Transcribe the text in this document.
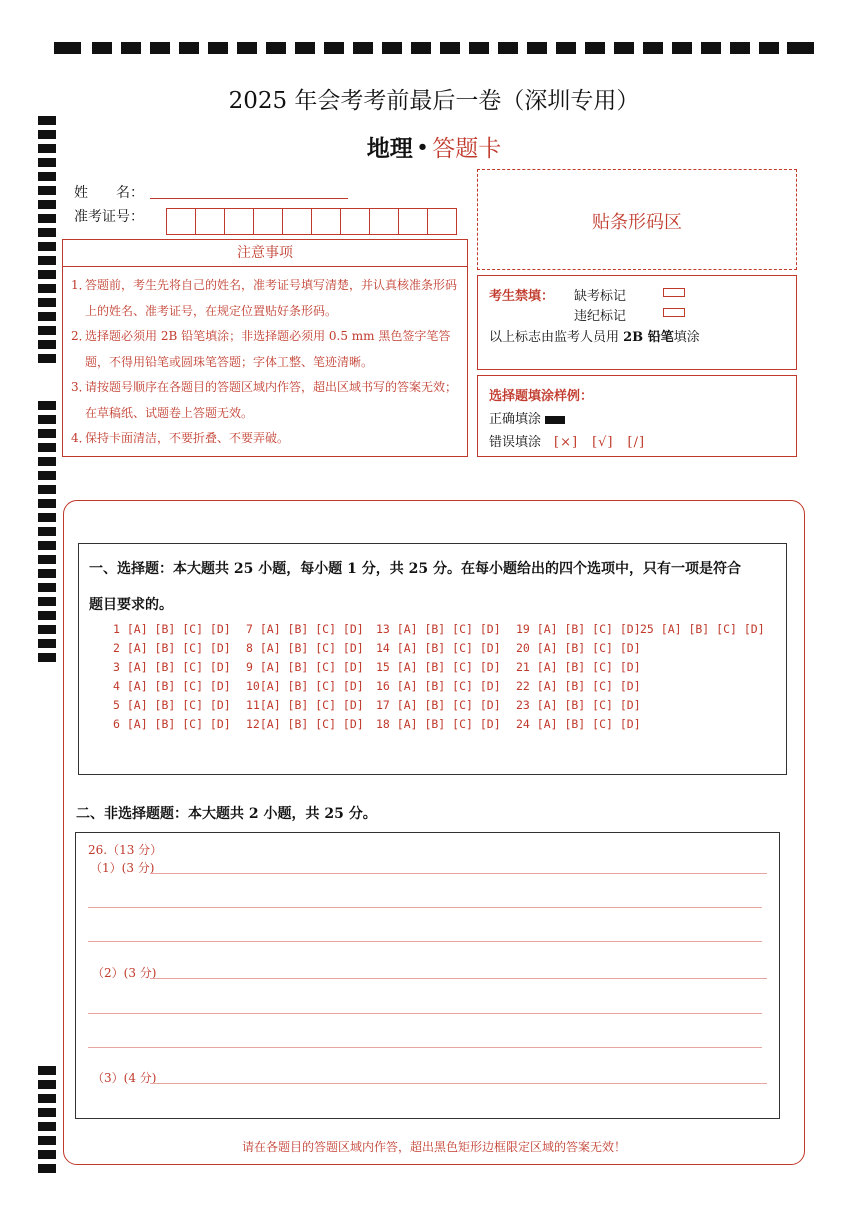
2025 年会考考前最后一卷（深圳专用）
地理 • 答题卡
姓　　名：
准考证号：	贴条形码区
注意事项
1．
答题前，考生先将自己的姓名，准考证号填写清楚，并认真核准条形码上的姓名、准考证号，在规定位置贴好条形码。
2．
选择题必须用 2B 铅笔填涂；非选择题必须用 0.5 mm 黑色签字笔答题，不得用铅笔或圆珠笔答题；字体工整、笔迹清晰。
3．
请按题号顺序在各题目的答题区域内作答，超出区域书写的答案无效；在草稿纸、试题卷上答题无效。
4．
保持卡面清洁，不要折叠、不要弄破。
考生禁填： 缺考标记
违纪标记
以上标志由监考人员用 2B 铅笔填涂
选择题填涂样例：
正确填涂
错误填涂　 [×]　[√]　[/]
一、选择题：本大题共 25 小题，每小题 1 分，共 25 分。在每小题给出的四个选项中，只有一项是符合
题目要求的。
1 [A] [B] [C] [D]
2 [A] [B] [C] [D]
3 [A] [B] [C] [D]
4 [A] [B] [C] [D]
5 [A] [B] [C] [D]
6 [A] [B] [C] [D]
7 [A] [B] [C] [D]
8 [A] [B] [C] [D]
9 [A] [B] [C] [D]
10[A] [B] [C] [D]
11[A] [B] [C] [D]
12[A] [B] [C] [D]
13 [A] [B] [C] [D]
14 [A] [B] [C] [D]
15 [A] [B] [C] [D]
16 [A] [B] [C] [D]
17 [A] [B] [C] [D]
18 [A] [B] [C] [D]
19 [A] [B] [C] [D]
20 [A] [B] [C] [D]
21 [A] [B] [C] [D]
22 [A] [B] [C] [D]
23 [A] [B] [C] [D]
24 [A] [B] [C] [D]
25 [A] [B] [C] [D]
二、非选择题题：本大题共 2 小题，共 25 分。
26.（13 分）
（1）(3 分)
（2）(3 分)
（3）(4 分)
请在各题目的答题区域内作答，超出黑色矩形边框限定区域的答案无效！
